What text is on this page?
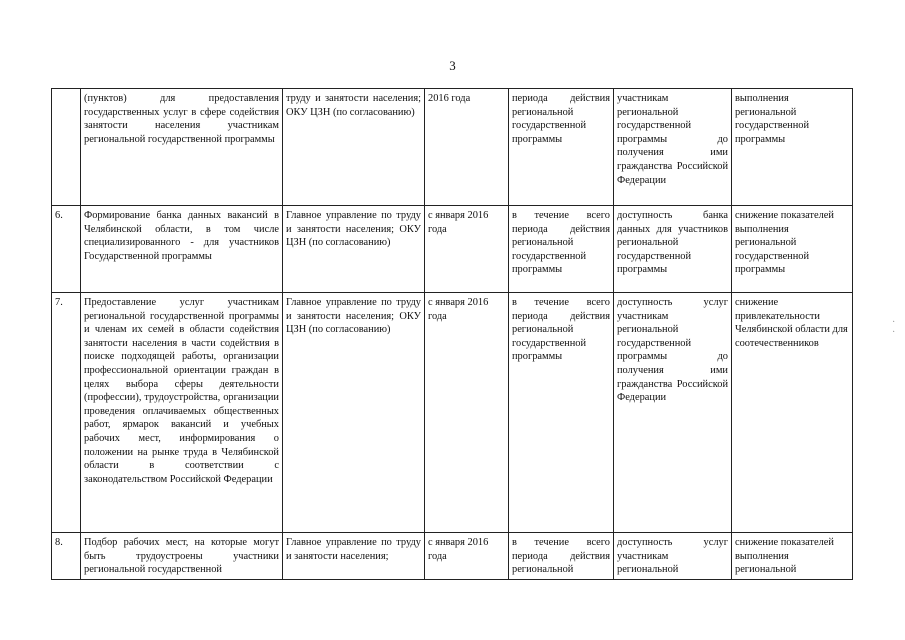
3
	(пунктов) для предоставления государственных услуг в сфере содействия занятости населения участникам региональной государственной программы	труду и занятости населения; ОКУ ЦЗН (по согласованию)	2016 года	периода действия региональной государственной программы	участникам региональной государственной программы до получения ими гражданства Российской Федерации	выполнения региональной государственной программы
6.	Формирование банка данных вакансий в Челябинской области, в том числе специализированного - для участников Государственной программы	Главное управление по труду и занятости населения; ОКУ ЦЗН (по согласованию)	с января 2016 года	в течение всего периода действия региональной государственной программы	доступность банка данных для участников региональной государственной программы	снижение показателей выполнения региональной государственной программы
7.	Предоставление услуг участникам региональной государственной программы и членам их семей в области содействия занятости населения в части содействия в поиске подходящей работы, организации профессиональной ориентации граждан в целях выбора сферы деятельности (профессии), трудоустройства, организации проведения оплачиваемых общественных работ, ярмарок вакансий и учебных рабочих мест, информирования о положении на рынке труда в Челябинской области в соответствии с законодательством Российской Федерации	Главное управление по труду и занятости населения; ОКУ ЦЗН (по согласованию)	с января 2016 года	в течение всего периода действия региональной государственной программы	доступность услуг участникам региональной государственной программы до получения ими гражданства Российской Федерации	снижение привлекательности Челябинской области для соотечественников
8.	Подбор рабочих мест, на которые могут быть трудоустроены участники региональной государственной	Главное управление по труду и занятости населения;	с января 2016 года	в течение всего периода действия региональной	доступность услуг участникам региональной	снижение показателей выполнения региональной
·
·
